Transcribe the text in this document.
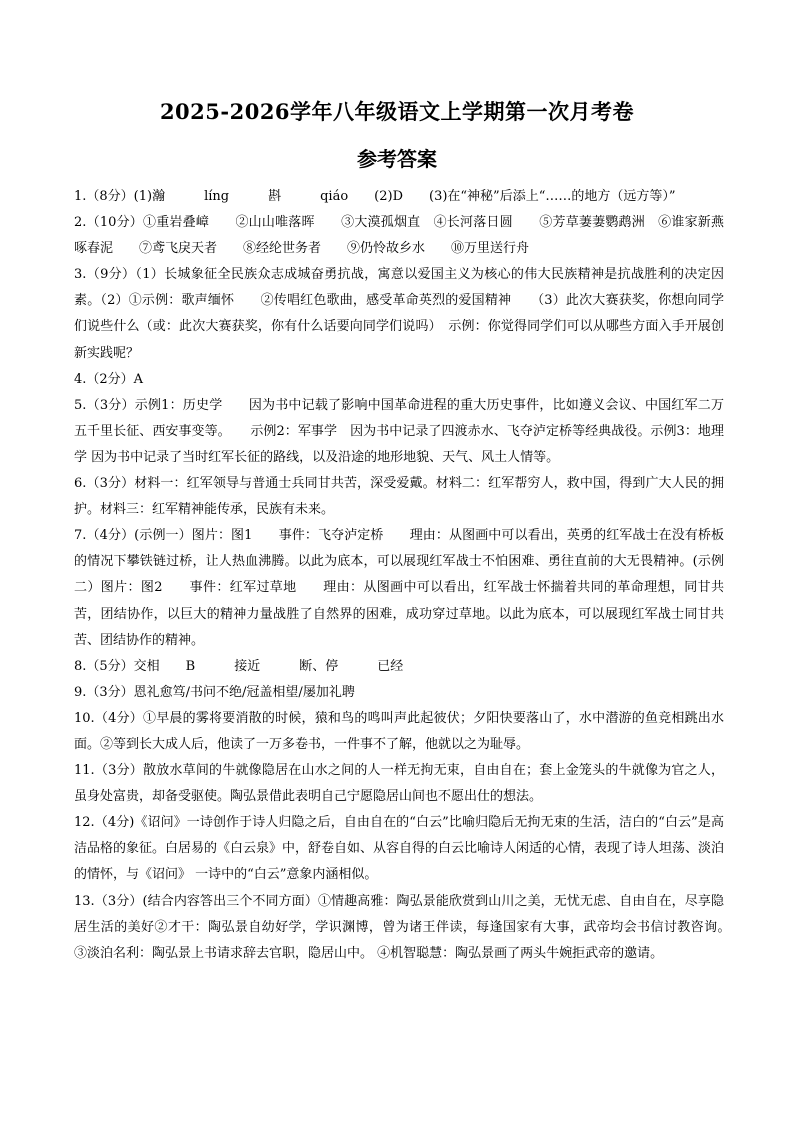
2025-2026学年八年级语文上学期第一次月考卷
参考答案

1.（8分）(1)瀚　　　líng　　　斟　　　qiáo　　(2)D　　(3)在“神秘”后添上“……的地方（远方等）”

2.（10分）①重岩叠嶂　　②山山唯落晖　　③大漠孤烟直　④长河落日圆　　⑤芳草萋萋鹦鹉洲　⑥谁家新燕啄春泥　　⑦鸢飞戾天者　　⑧经纶世务者　　⑨仍怜故乡水　　⑩万里送行舟

3.（9分）（1）长城象征全民族众志成城奋勇抗战，寓意以爱国主义为核心的伟大民族精神是抗战胜利的决定因素。（2）①示例：歌声缅怀　　②传唱红色歌曲，感受革命英烈的爱国精神　　（3）此次大赛获奖，你想向同学们说些什么（或：此次大赛获奖，你有什么话要向同学们说吗）　示例：你觉得同学们可以从哪些方面入手开展创新实践呢？

4.（2分）A

5.（3分）示例1：历史学　　因为书中记载了影响中国革命进程的重大历史事件，比如遵义会议、中国红军二万五千里长征、西安事变等。　　示例2：军事学　因为书中记录了四渡赤水、飞夺泸定桥等经典战役。示例3：地理学 因为书中记录了当时红军长征的路线，以及沿途的地形地貌、天气、风土人情等。

6.（3分）材料一：红军领导与普通士兵同甘共苦，深受爱戴。材料二：红军帮穷人，救中国，得到广大人民的拥护。材料三：红军精神能传承，民族有未来。

7.（4分）(示例一）图片：图1　　事件：飞夺泸定桥　　理由：从图画中可以看出，英勇的红军战士在没有桥板的情况下攀铁链过桥，让人热血沸腾。以此为底本，可以展现红军战士不怕困难、勇往直前的大无畏精神。(示例二）图片：图2　　事件：红军过草地　　理由：从图画中可以看出，红军战士怀揣着共同的革命理想，同甘共苦，团结协作，以巨大的精神力量战胜了自然界的困难，成功穿过草地。以此为底本，可以展现红军战士同甘共苦、团结协作的精神。

8.（5分）交相　　B　　　接近　　　断、停　　　已经

9.（3分）恩礼愈笃/书问不绝/冠盖相望/屡加礼聘

10.（4分）①早晨的雾将要消散的时候，猿和鸟的鸣叫声此起彼伏；夕阳快要落山了，水中潜游的鱼竞相跳出水面。②等到长大成人后，他读了一万多卷书，一件事不了解，他就以之为耻辱。

11.（3分）散放水草间的牛就像隐居在山水之间的人一样无拘无束，自由自在；套上金笼头的牛就像为官之人，虽身处富贵，却备受驱使。陶弘景借此表明自己宁愿隐居山间也不愿出仕的想法。

12.（4分)《诏问》一诗创作于诗人归隐之后，自由自在的“白云”比喻归隐后无拘无束的生活，洁白的“白云”是高洁品格的象征。白居易的《白云泉》中，舒卷自如、从容自得的白云比喻诗人闲适的心情，表现了诗人坦荡、淡泊的情怀，与《诏问》 一诗中的“白云”意象内涵相似。

13.（3分）(结合内容答出三个不同方面）①情趣高雅：陶弘景能欣赏到山川之美，无忧无虑、自由自在，尽享隐居生活的美好②才干：陶弘景自幼好学，学识渊博，曾为诸王伴读，每逢国家有大事，武帝均会书信讨教咨询。　　③淡泊名利：陶弘景上书请求辞去官职，隐居山中。 ④机智聪慧：陶弘景画了两头牛婉拒武帝的邀请。
